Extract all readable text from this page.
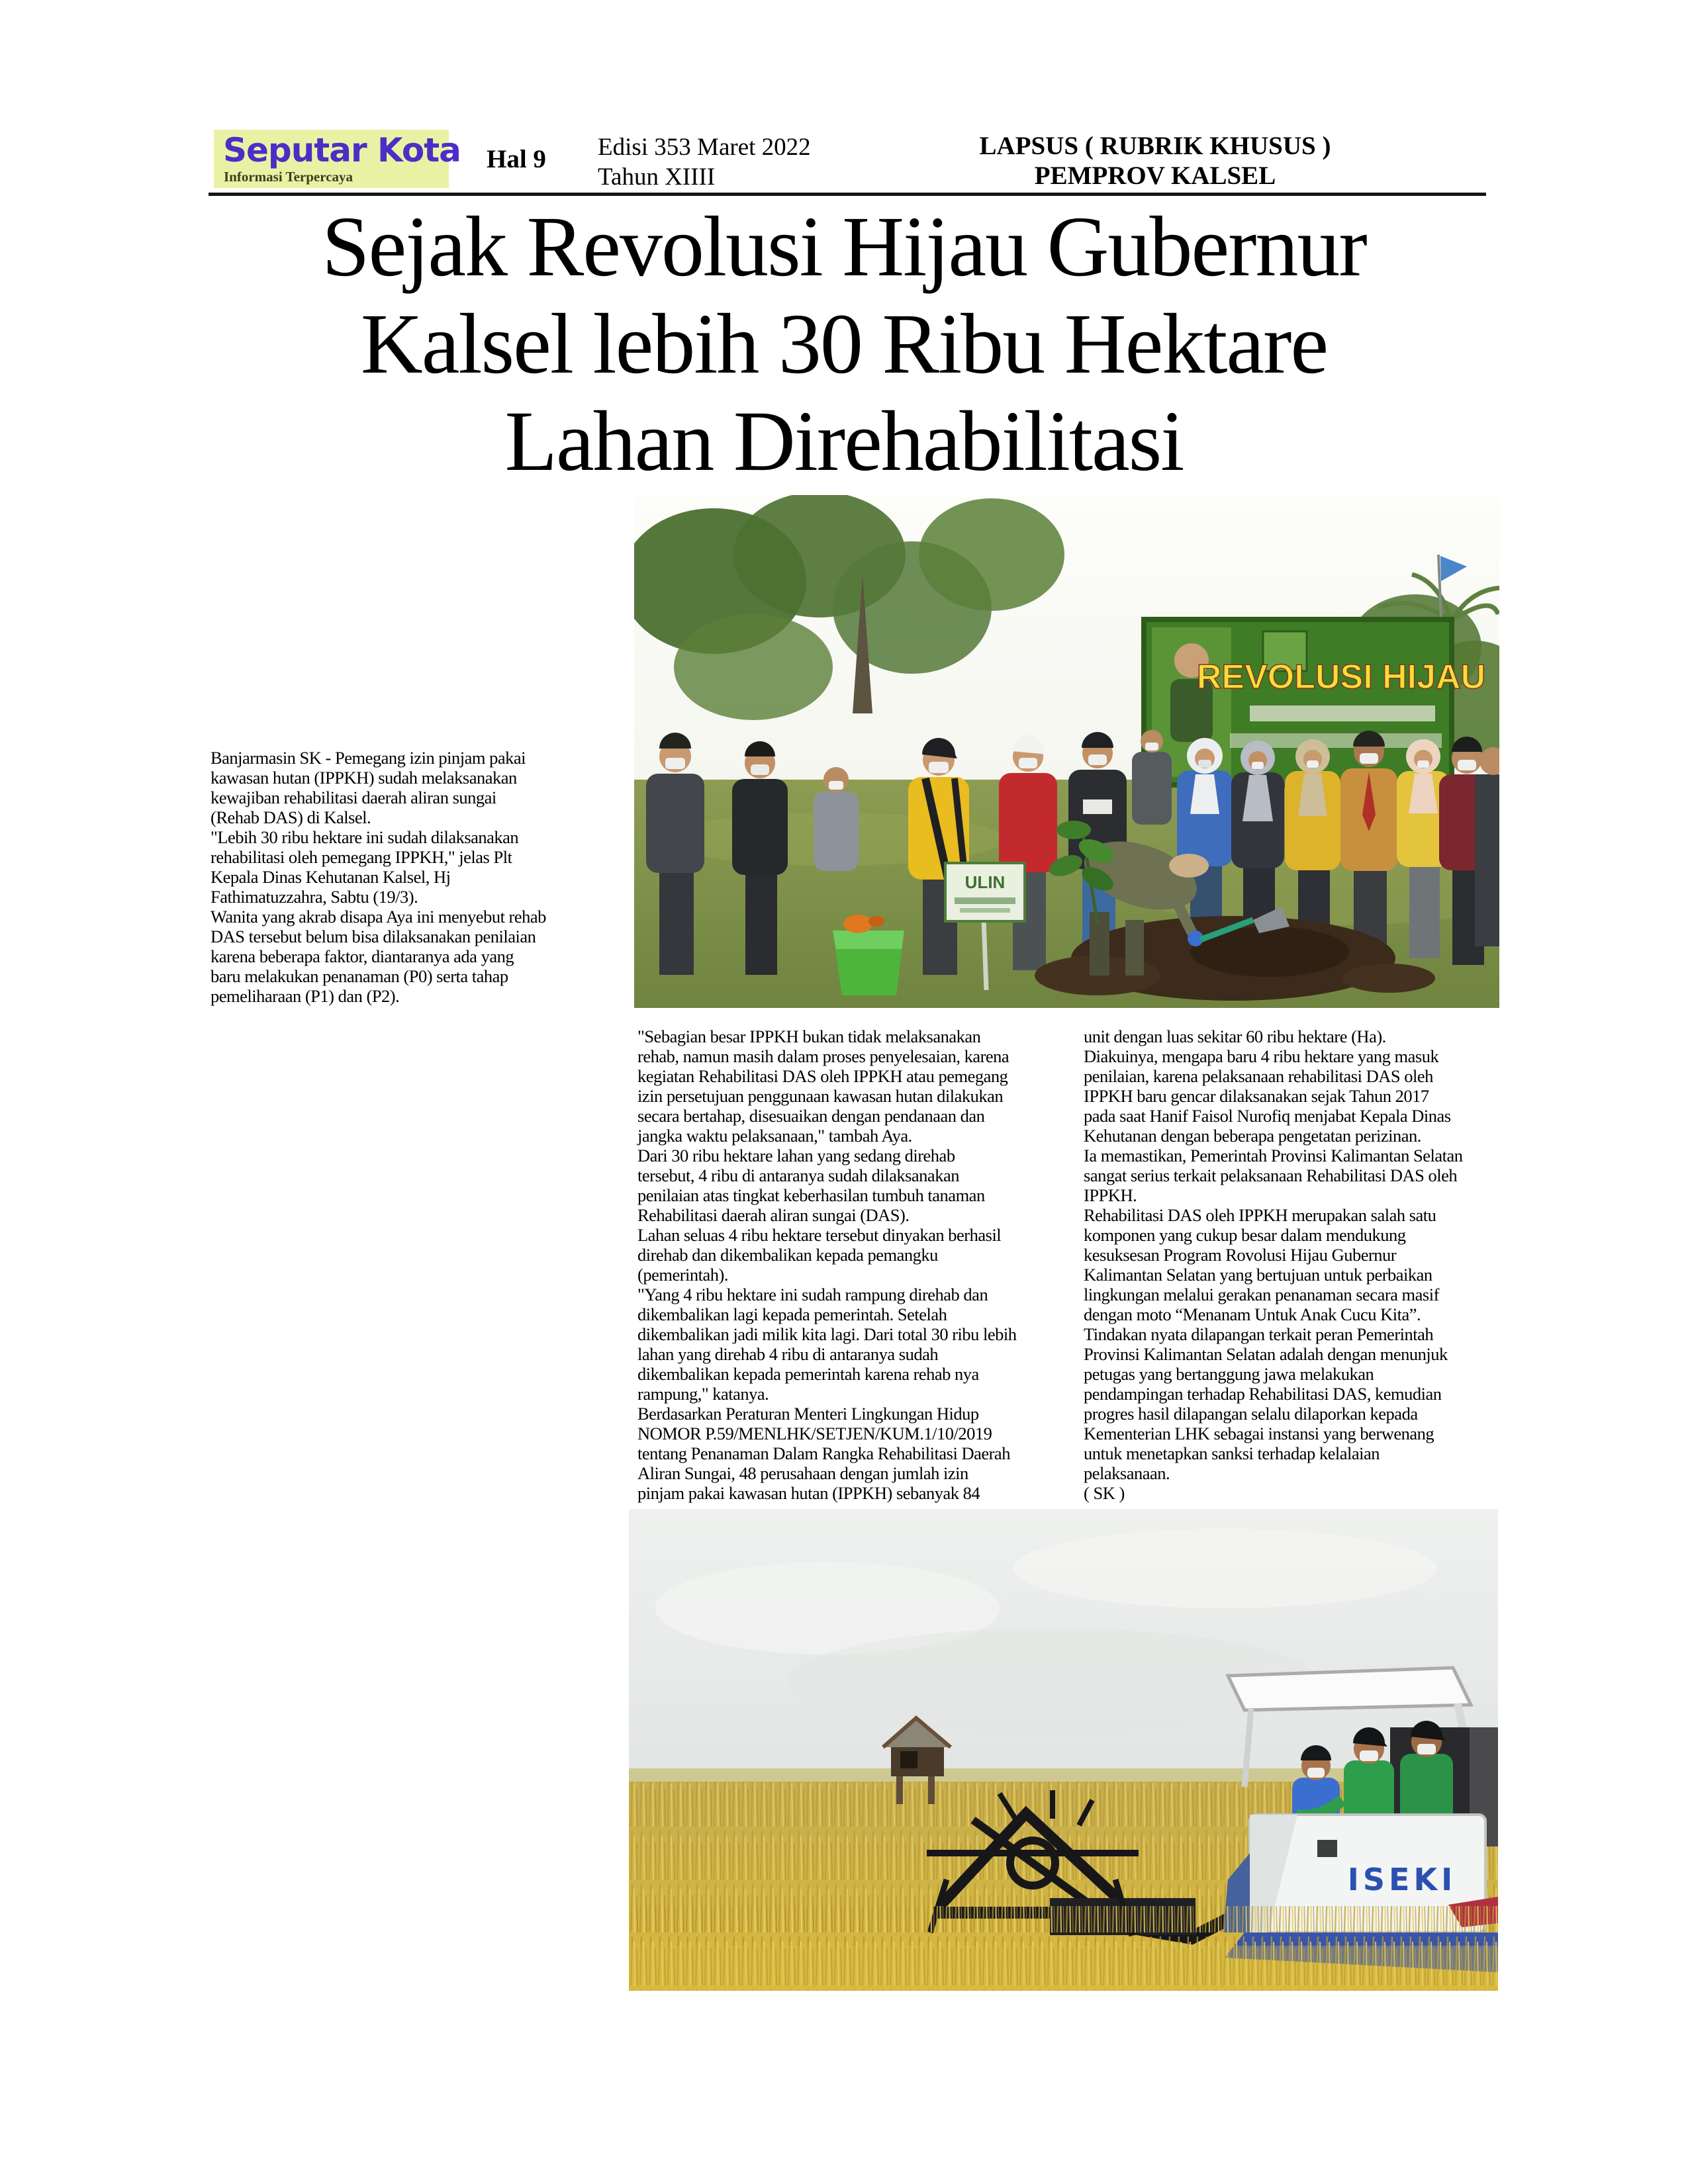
Seputar Kota
Informasi Terpercaya
Hal 9 Edisi 353 Maret 2022
Tahun XIIII
LAPSUS ( RUBRIK KHUSUS )
PEMPROV KALSEL
Sejak Revolusi Hijau Gubernur
Kalsel lebih 30 Ribu Hektare
Lahan Direhabilitasi
REVOLUSI HIJAU
ULIN
Banjarmasin SK - Pemegang izin pinjam pakai
kawasan hutan (IPPKH) sudah melaksanakan
kewajiban rehabilitasi daerah aliran sungai
(Rehab DAS) di Kalsel.
"Lebih 30 ribu hektare ini sudah dilaksanakan
rehabilitasi oleh pemegang IPPKH," jelas Plt
Kepala Dinas Kehutanan Kalsel, Hj
Fathimatuzzahra, Sabtu (19/3).
Wanita yang akrab disapa Aya ini menyebut rehab
DAS tersebut belum bisa dilaksanakan penilaian
karena beberapa faktor, diantaranya ada yang
baru melakukan penanaman (P0) serta tahap
pemeliharaan (P1) dan (P2).
"Sebagian besar IPPKH bukan tidak melaksanakan
rehab, namun masih dalam proses penyelesaian, karena
kegiatan Rehabilitasi DAS oleh IPPKH atau pemegang
izin persetujuan penggunaan kawasan hutan dilakukan
secara bertahap, disesuaikan dengan pendanaan dan
jangka waktu pelaksanaan," tambah Aya.
Dari 30 ribu hektare lahan yang sedang direhab
tersebut, 4 ribu di antaranya sudah dilaksanakan
penilaian atas tingkat keberhasilan tumbuh tanaman
Rehabilitasi daerah aliran sungai (DAS).
Lahan seluas 4 ribu hektare tersebut dinyakan berhasil
direhab dan dikembalikan kepada pemangku
(pemerintah).
"Yang 4 ribu hektare ini sudah rampung direhab dan
dikembalikan lagi kepada pemerintah. Setelah
dikembalikan jadi milik kita lagi. Dari total 30 ribu lebih
lahan yang direhab 4 ribu di antaranya sudah
dikembalikan kepada pemerintah karena rehab nya
rampung," katanya.
Berdasarkan Peraturan Menteri Lingkungan Hidup
NOMOR P.59/MENLHK/SETJEN/KUM.1/10/2019
tentang Penanaman Dalam Rangka Rehabilitasi Daerah
Aliran Sungai, 48 perusahaan dengan jumlah izin
pinjam pakai kawasan hutan (IPPKH) sebanyak 84
unit dengan luas sekitar 60 ribu hektare (Ha).
Diakuinya, mengapa baru 4 ribu hektare yang masuk
penilaian, karena pelaksanaan rehabilitasi DAS oleh
IPPKH baru gencar dilaksanakan sejak Tahun 2017
pada saat Hanif Faisol Nurofiq menjabat Kepala Dinas
Kehutanan dengan beberapa pengetatan perizinan.
Ia memastikan, Pemerintah Provinsi Kalimantan Selatan
sangat serius terkait pelaksanaan Rehabilitasi DAS oleh
IPPKH.
Rehabilitasi DAS oleh IPPKH merupakan salah satu
komponen yang cukup besar dalam mendukung
kesuksesan Program Rovolusi Hijau Gubernur
Kalimantan Selatan yang bertujuan untuk perbaikan
lingkungan melalui gerakan penanaman secara masif
dengan moto “Menanam Untuk Anak Cucu Kita”.
Tindakan nyata dilapangan terkait peran Pemerintah
Provinsi Kalimantan Selatan adalah dengan menunjuk
petugas yang bertanggung jawa melakukan
pendampingan terhadap Rehabilitasi DAS, kemudian
progres hasil dilapangan selalu dilaporkan kepada
Kementerian LHK sebagai instansi yang berwenang
untuk menetapkan sanksi terhadap kelalaian
pelaksanaan.
( SK )
ISEKI
